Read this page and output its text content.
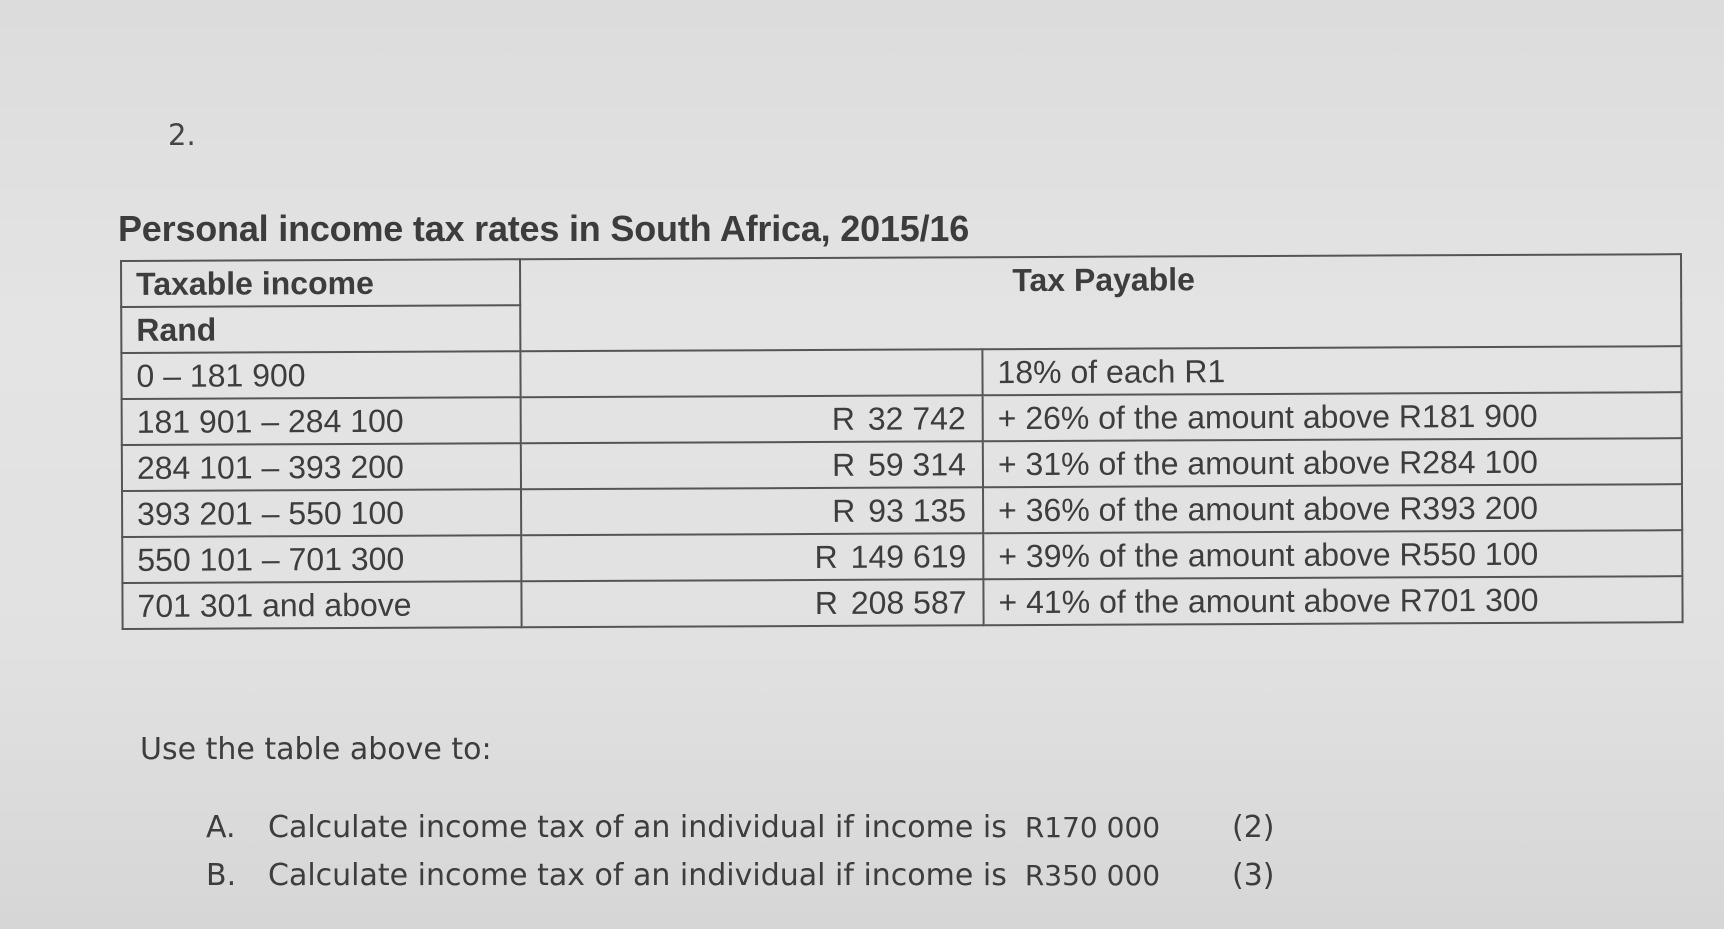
2.
Personal income tax rates in South Africa, 2015/16
Taxable income	Tax Payable	
Rand		
0 – 181 900		18% of each R1
181 901 – 284 100	R 32 742	+ 26% of the amount above R181 900
284 101 – 393 200	R 59 314	+ 31% of the amount above R284 100
393 201 – 550 100	R 93 135	+ 36% of the amount above R393 200
550 101 – 701 300	R 149 619	+ 39% of the amount above R550 100
701 301 and above	R 208 587	+ 41% of the amount above R701 300
Use the table above to:
A. Calculate income tax of an individual if income is R170 000 (2)
B. Calculate income tax of an individual if income is R350 000 (3)
